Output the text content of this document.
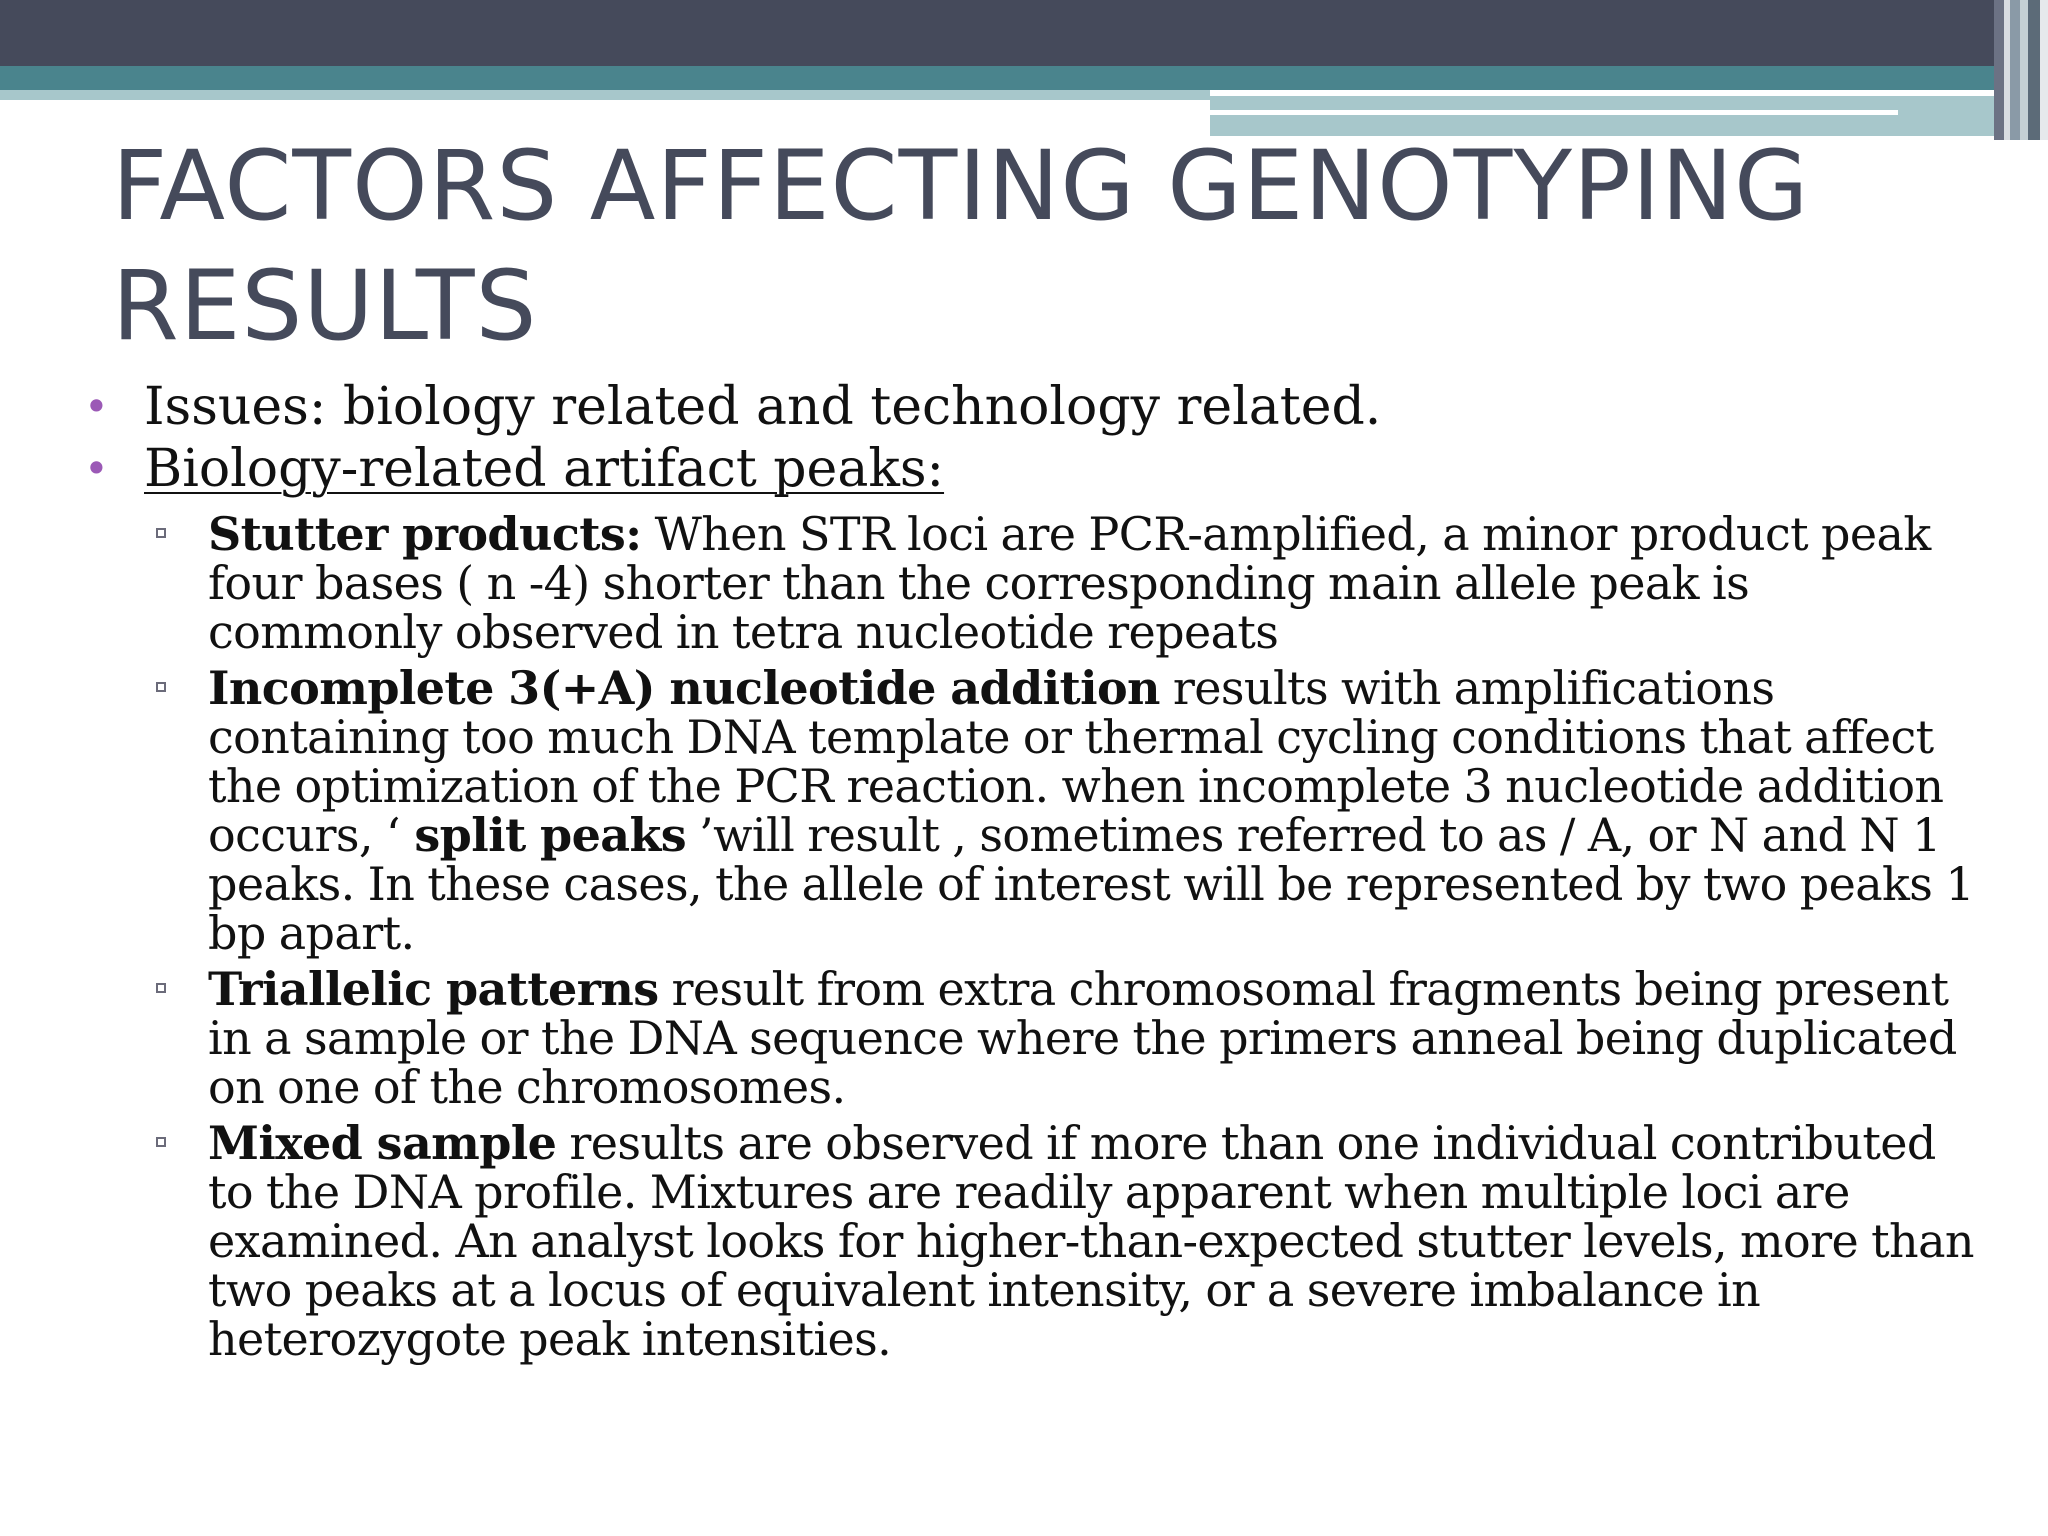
FACTORS AFFECTING GENOTYPING RESULTS

• Issues: biology related and technology related.

• Biology-related artifact peaks:

Stutter products: When STR loci are PCR-amplified, a minor product peak four bases ( n -4) shorter than the corresponding main allele peak is commonly observed in tetra nucleotide repeats

Incomplete 3(+A) nucleotide addition results with amplifications containing too much DNA template or thermal cycling conditions that affect the optimization of the PCR reaction. when incomplete 3 nucleotide addition occurs, ‘ split peaks ’will result , sometimes referred to as / A, or N and N 1 peaks. In these cases, the allele of interest will be represented by two peaks 1 bp apart.

Triallelic patterns result from extra chromosomal fragments being present in a sample or the DNA sequence where the primers anneal being duplicated on one of the chromosomes.

Mixed sample results are observed if more than one individual contributed to the DNA profile. Mixtures are readily apparent when multiple loci are examined. An analyst looks for higher-than-expected stutter levels, more than two peaks at a locus of equivalent intensity, or a severe imbalance in heterozygote peak intensities.
